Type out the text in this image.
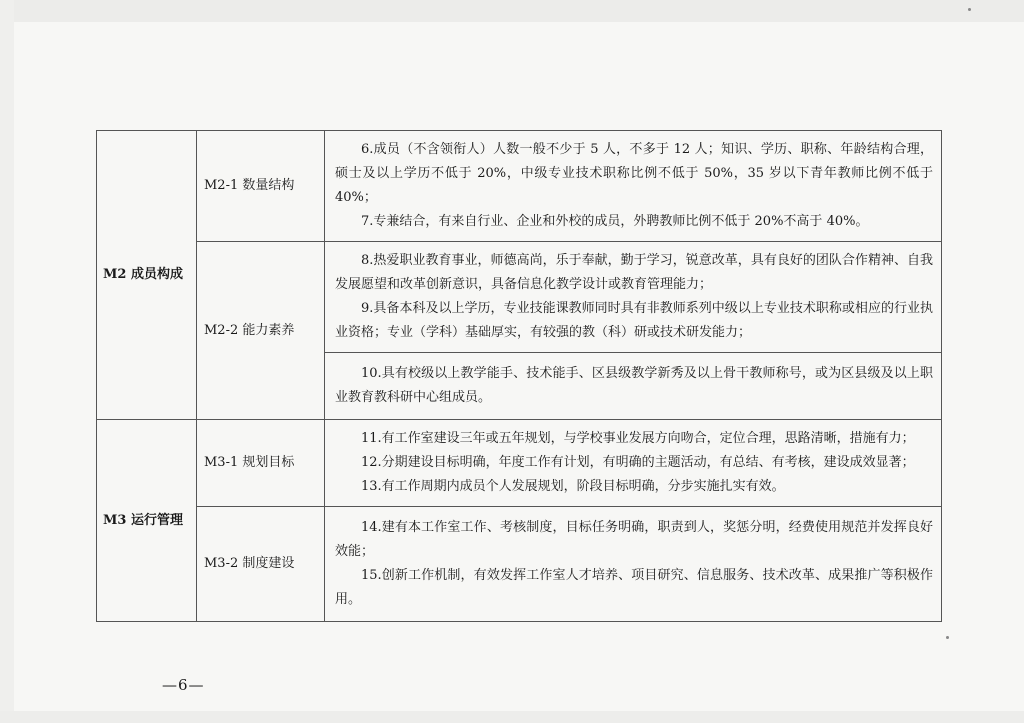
M2 成员构成	M2-1 数量结构	6.成员（不含领衔人）人数一般不少于 5 人，不多于 12 人；知识、学历、职称、年龄结构合理，硕士及以上学历不低于 20%，中级专业技术职称比例不低于 50%，35 岁以下青年教师比例不低于 40%；
7.专兼结合，有来自行业、企业和外校的成员，外聘教师比例不低于 20%不高于 40%。

	M2-2 能力素养	8.热爱职业教育事业，师德高尚，乐于奉献，勤于学习，锐意改革，具有良好的团队合作精神、自我发展愿望和改革创新意识，具备信息化教学设计或教育管理能力；
9.具备本科及以上学历，专业技能课教师同时具有非教师系列中级以上专业技术职称或相应的行业执业资格；专业（学科）基础厚实，有较强的教（科）研或技术研发能力；

		10.具有校级以上教学能手、技术能手、区县级教学新秀及以上骨干教师称号，或为区县级及以上职业教育教科研中心组成员。

M3 运行管理	M3-1 规划目标	11.有工作室建设三年或五年规划，与学校事业发展方向吻合，定位合理，思路清晰，措施有力；
12.分期建设目标明确，年度工作有计划，有明确的主题活动，有总结、有考核，建设成效显著；
13.有工作周期内成员个人发展规划，阶段目标明确，分步实施扎实有效。

	M3-2 制度建设	14.建有本工作室工作、考核制度，目标任务明确，职责到人，奖惩分明，经费使用规范并发挥良好效能；
15.创新工作机制，有效发挥工作室人才培养、项目研究、信息服务、技术改革、成果推广等积极作用。
—6—
